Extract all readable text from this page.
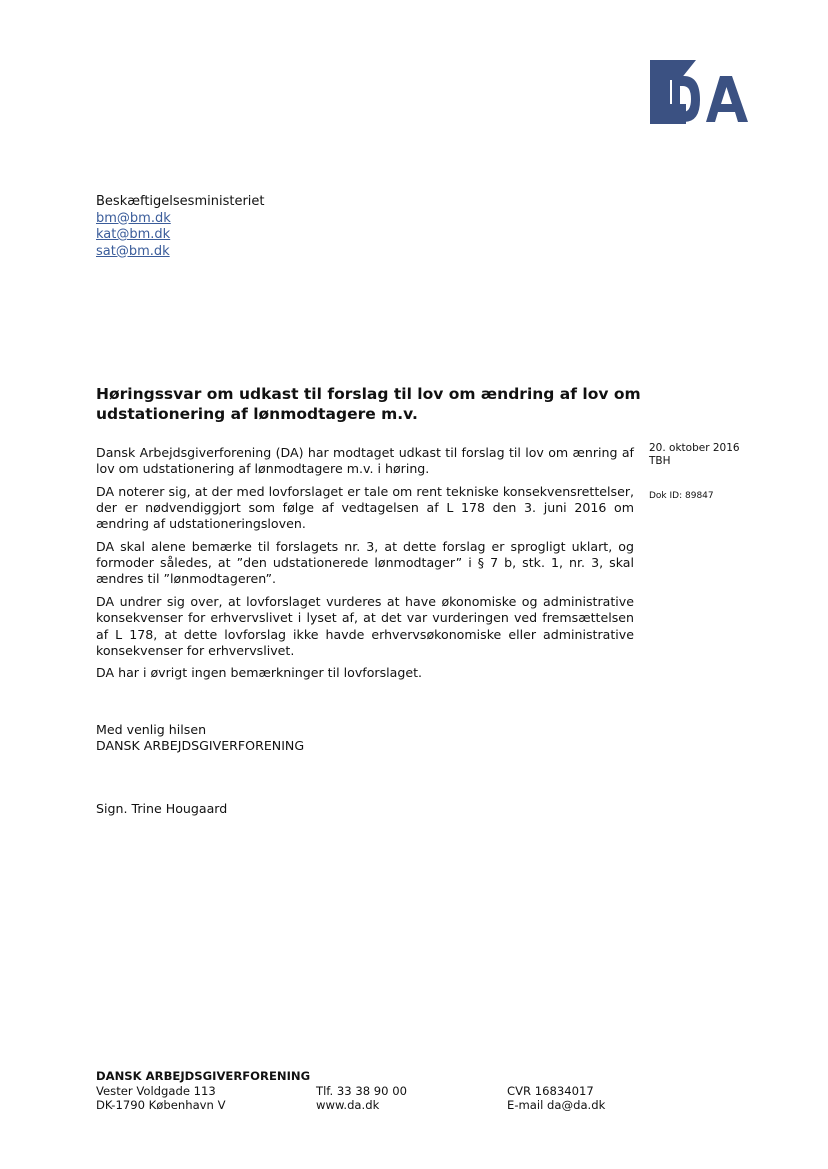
Beskæftigelsesministeriet
bm@bm.dk
kat@bm.dk
sat@bm.dk
Høringssvar om udkast til forslag til lov om ændring af lov om udstationering af lønmodtagere m.v.

Dansk Arbejdsgiverforening (DA) har modtaget udkast til forslag til lov om ænring af lov om udstationering af lønmodtagere m.v. i høring.

DA noterer sig, at der med lovforslaget er tale om rent tekniske konsekvensrettelser, der er nødvendiggjort som følge af vedtagelsen af L 178 den 3. juni 2016 om ændring af udstationeringsloven.

DA skal alene bemærke til forslagets nr. 3, at dette forslag er sprogligt uklart, og formoder således, at ”den udstationerede lønmodtager” i § 7 b, stk. 1, nr. 3, skal ændres til ”lønmodtageren”.

DA undrer sig over, at lovforslaget vurderes at have økonomiske og administrative konsekvenser for erhvervslivet i lyset af, at det var vurderingen ved fremsættelsen af L 178, at dette lovforslag ikke havde erhvervsøkonomiske eller administrative konsekvenser for erhvervslivet.

DA har i øvrigt ingen bemærkninger til lovforslaget.

20. oktober 2016
TBH
Dok ID: 89847
Med venlig hilsen
DANSK ARBEJDSGIVERFORENING
Sign. Trine Hougaard
DANSK ARBEJDSGIVERFORENING
Vester Voldgade 113
DK-1790 København V
Tlf. 33 38 90 00
www.da.dk
CVR 16834017
E-mail da@da.dk
